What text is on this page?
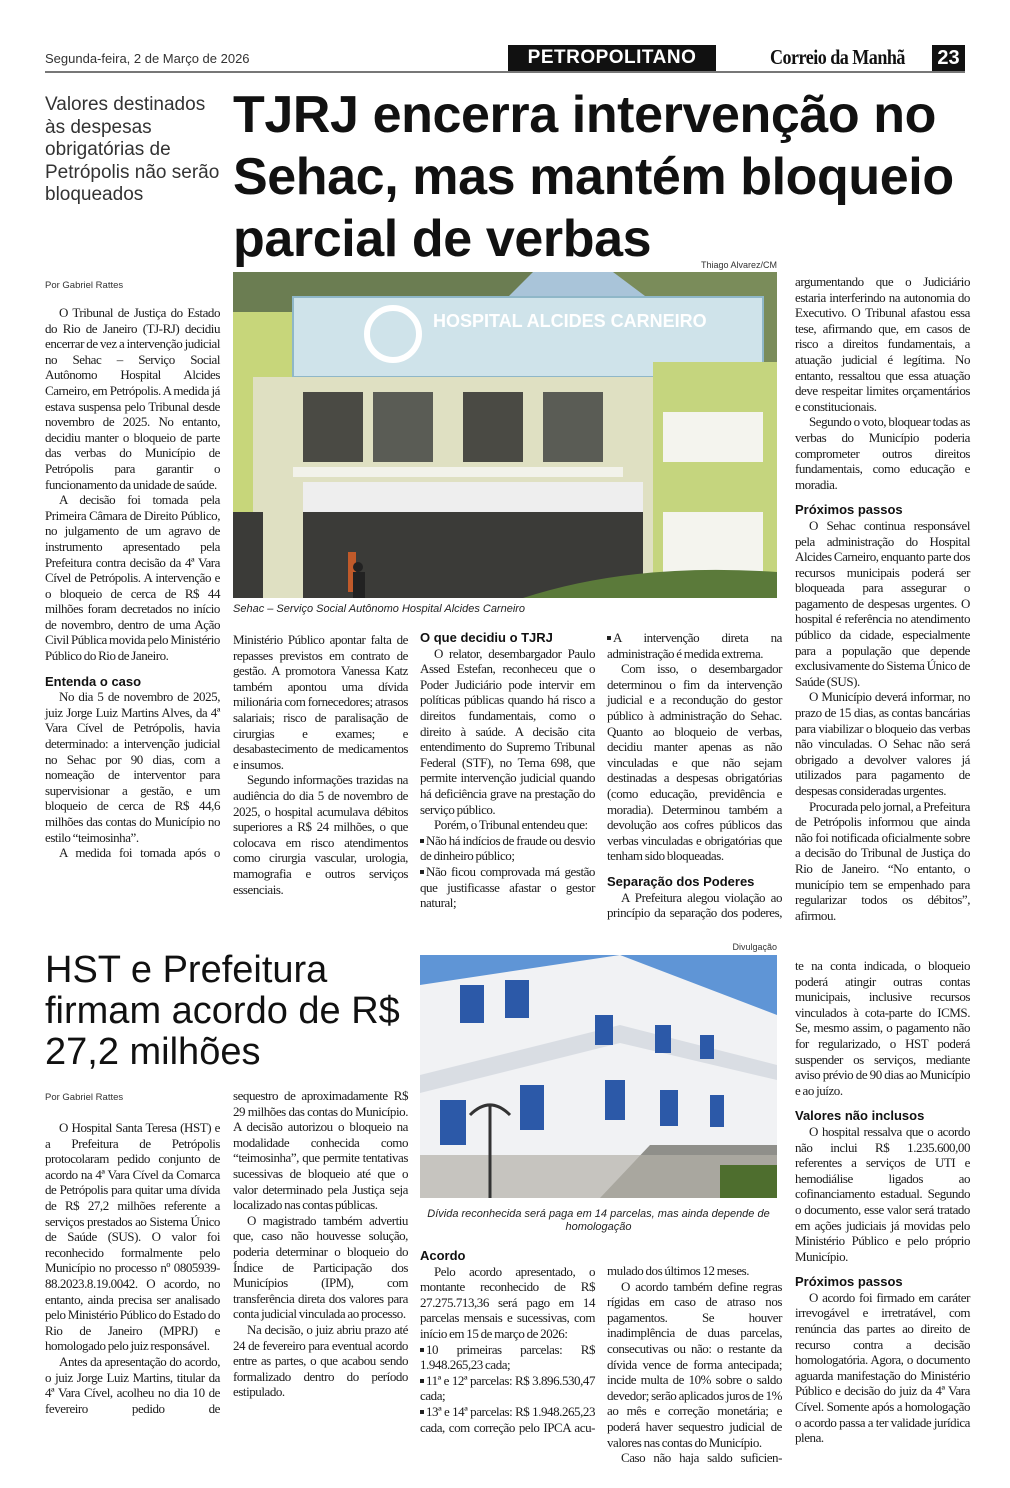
Segunda-feira, 2 de Março de 2026	PETROPOLITANO	Correio da Manhã 23
Valores destinados às despesas obrigatórias de Petrópolis não serão bloqueados
TJRJ encerra intervenção no Sehac, mas mantém bloqueio parcial de verbas
Por Gabriel Rattes
Thiago Alvarez/CM
HOSPITAL ALCIDES CARNEIRO
Sehac – Serviço Social Autônomo Hospital Alcides Carneiro

O Tribunal de Justiça do Estado do Rio de Janeiro (TJ-RJ) decidiu encerrar de vez a intervenção judicial no Sehac – Serviço Social Autônomo Hospital Alcides Carneiro, em Petrópolis. A medida já estava suspensa pelo Tribunal desde novembro de 2025. No entanto, decidiu manter o bloqueio de parte das verbas do Município de Petrópolis para garantir o funcionamento da unidade de saúde.

A decisão foi tomada pela Primeira Câmara de Direito Público, no julgamento de um agravo de instrumento apresentado pela Prefeitura contra decisão da 4ª Vara Cível de Petrópolis. A intervenção e o bloqueio de cerca de R$ 44 milhões foram decretados no início de novembro, dentro de uma Ação Civil Pública movida pelo Ministério Público do Rio de Janeiro.

Entenda o caso

No dia 5 de novembro de 2025, juiz Jorge Luiz Martins Alves, da 4ª Vara Cível de Petrópolis, havia determinado: a intervenção judicial no Sehac por 90 dias, com a nomeação de interventor para supervisionar a gestão, e um bloqueio de cerca de R$ 44,6 milhões das contas do Município no estilo “teimosinha”.

A medida foi tomada após o

Ministério Público apontar falta de repasses previstos em contrato de gestão. A promotora Vanessa Katz também apontou uma dívida milionária com fornecedores; atrasos salariais; risco de paralisação de cirurgias e exames; e desabastecimento de medicamentos e insumos.

Segundo informações trazidas na audiência do dia 5 de novembro de 2025, o hospital acumulava débitos superiores a R$ 24 milhões, o que colocava em risco atendimentos como cirurgia vascular, urologia, mamografia e outros serviços essenciais.

O que decidiu o TJRJ

O relator, desembargador Paulo Assed Estefan, reconheceu que o Poder Judiciário pode intervir em políticas públicas quando há risco a direitos fundamentais, como o direito à saúde. A decisão cita entendimento do Supremo Tribunal Federal (STF), no Tema 698, que permite intervenção judicial quando há deficiência grave na prestação do serviço público.

Porém, o Tribunal entendeu que:

Não há indícios de fraude ou desvio de dinheiro público;

Não ficou comprovada má gestão que justificasse afastar o gestor natural;

A intervenção direta na administração é medida extrema.

Com isso, o desembargador determinou o fim da intervenção judicial e a recondução do gestor público à administração do Sehac. Quanto ao bloqueio de verbas, decidiu manter apenas as não vinculadas e que não sejam destinadas a despesas obrigatórias (como educação, previdência e moradia). Determinou também a devolução aos cofres públicos das verbas vinculadas e obrigatórias que tenham sido bloqueadas.

Separação dos Poderes

A Prefeitura alegou violação ao princípio da separação dos poderes,

argumentando que o Judiciário estaria interferindo na autonomia do Executivo. O Tribunal afastou essa tese, afirmando que, em casos de risco a direitos fundamentais, a atuação judicial é legítima. No entanto, ressaltou que essa atuação deve respeitar limites orçamentários e constitucionais.

Segundo o voto, bloquear todas as verbas do Município poderia comprometer outros direitos fundamentais, como educação e moradia.

Próximos passos

O Sehac continua responsável pela administração do Hospital Alcides Carneiro, enquanto parte dos recursos municipais poderá ser bloqueada para assegurar o pagamento de despesas urgentes. O hospital é referência no atendimento público da cidade, especialmente para a população que depende exclusivamente do Sistema Único de Saúde (SUS).

O Município deverá informar, no prazo de 15 dias, as contas bancárias para viabilizar o bloqueio das verbas não vinculadas. O Sehac não será obrigado a devolver valores já utilizados para pagamento de despesas consideradas urgentes.

Procurada pelo jornal, a Prefeitura de Petrópolis informou que ainda não foi notificada oficialmente sobre a decisão do Tribunal de Justiça do Rio de Janeiro. “No entanto, o município tem se empenhado para regularizar todos os débitos”, afirmou.

HST e Prefeitura firmam acordo de R$ 27,2 milhões
Por Gabriel Rattes
Divulgação
Dívida reconhecida será paga em 14 parcelas, mas ainda depende de homologação

O Hospital Santa Teresa (HST) e a Prefeitura de Petrópolis protocolaram pedido conjunto de acordo na 4ª Vara Cível da Comarca de Petrópolis para quitar uma dívida de R$ 27,2 milhões referente a serviços prestados ao Sistema Único de Saúde (SUS). O valor foi reconhecido formalmente pelo Município no processo nº 0805939-88.2023.8.19.0042. O acordo, no entanto, ainda precisa ser analisado pelo Ministério Público do Estado do Rio de Janeiro (MPRJ) e homologado pelo juiz responsável.

Antes da apresentação do acordo, o juiz Jorge Luiz Martins, titular da 4ª Vara Cível, acolheu no dia 10 de fevereiro pedido de

sequestro de aproximadamente R$ 29 milhões das contas do Município. A decisão autorizou o bloqueio na modalidade conhecida como “teimosinha”, que permite tentativas sucessivas de bloqueio até que o valor determinado pela Justiça seja localizado nas contas públicas.

O magistrado também advertiu que, caso não houvesse solução, poderia determinar o bloqueio do Índice de Participação dos Municípios (IPM), com transferência direta dos valores para conta judicial vinculada ao processo.

Na decisão, o juiz abriu prazo até 24 de fevereiro para eventual acordo entre as partes, o que acabou sendo formalizado dentro do período estipulado.

Acordo

Pelo acordo apresentado, o montante reconhecido de R$ 27.275.713,36 será pago em 14 parcelas mensais e sucessivas, com início em 15 de março de 2026:

10 primeiras parcelas: R$ 1.948.265,23 cada;

11ª e 12ª parcelas: R$ 3.896.530,47 cada;

13ª e 14ª parcelas: R$ 1.948.265,23 cada, com correção pelo IPCA acu-

mulado dos últimos 12 meses.

O acordo também define regras rígidas em caso de atraso nos pagamentos. Se houver inadimplência de duas parcelas, consecutivas ou não: o restante da dívida vence de forma antecipada; incide multa de 10% sobre o saldo devedor; serão aplicados juros de 1% ao mês e correção monetária; e poderá haver sequestro judicial de valores nas contas do Município.

Caso não haja saldo suficien-

te na conta indicada, o bloqueio poderá atingir outras contas municipais, inclusive recursos vinculados à cota-parte do ICMS. Se, mesmo assim, o pagamento não for regularizado, o HST poderá suspender os serviços, mediante aviso prévio de 90 dias ao Município e ao juízo.

Valores não inclusos

O hospital ressalva que o acordo não inclui R$ 1.235.600,00 referentes a serviços de UTI e hemodiálise ligados ao cofinanciamento estadual. Segundo o documento, esse valor será tratado em ações judiciais já movidas pelo Ministério Público e pelo próprio Município.

Próximos passos

O acordo foi firmado em caráter irrevogável e irretratável, com renúncia das partes ao direito de recurso contra a decisão homologatória. Agora, o documento aguarda manifestação do Ministério Público e decisão do juiz da 4ª Vara Cível. Somente após a homologação o acordo passa a ter validade jurídica plena.
